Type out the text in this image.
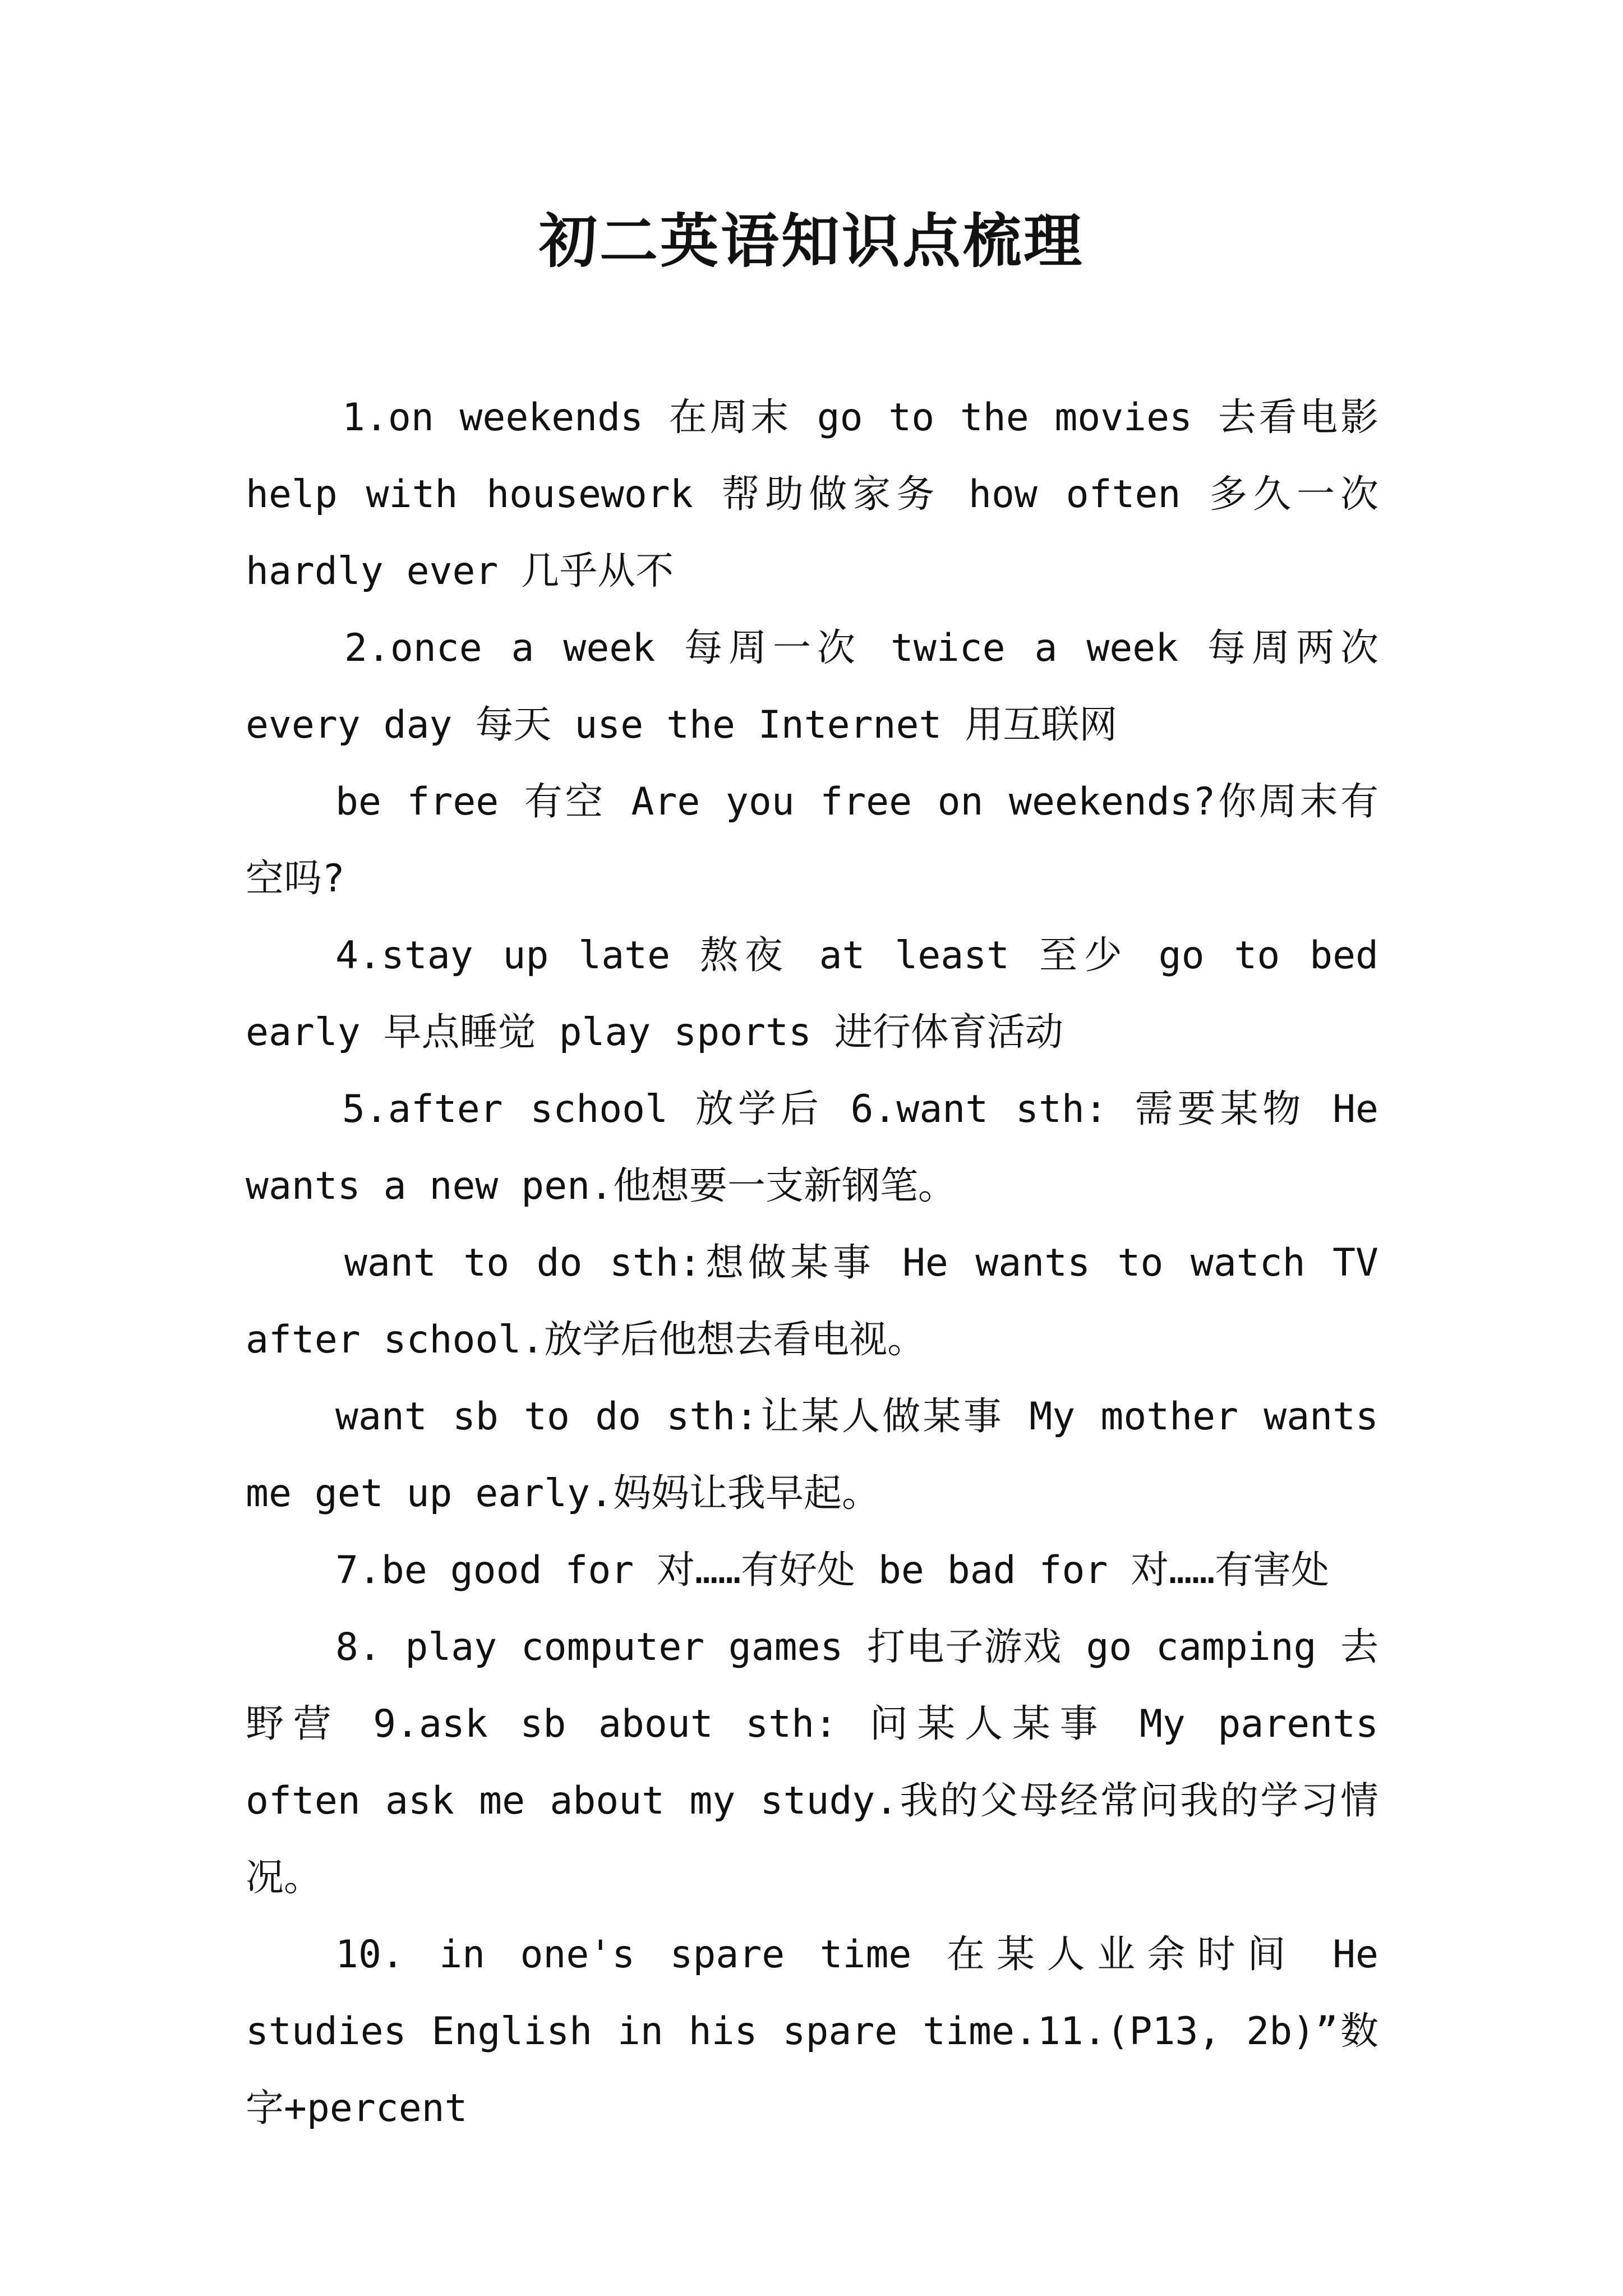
初二英语知识点梳理

1.on weekends 在周末 go to the movies 去看电影 help with housework 帮助做家务 how often 多久一次 hardly ever 几乎从不

2.once a week 每周一次 twice a week 每周两次 every day 每天 use the Internet 用互联网

be free 有空 Are you free on weekends?你周末有空吗?

4.stay up late 熬夜 at least 至少 go to bed early 早点睡觉 play sports 进行体育活动

5.after school 放学后 6.want sth: 需要某物 He wants a new pen.他想要一支新钢笔。

want to do sth:想做某事 He wants to watch TV after school.放学后他想去看电视。

want sb to do sth:让某人做某事 My mother wants me get up early.妈妈让我早起。

7.be good for 对……有好处 be bad for 对……有害处

8. play computer games 打电子游戏 go camping 去野营 9.ask sb about sth: 问某人某事 My parents often ask me about my study.我的父母经常问我的学习情况。

10. in one's spare time 在某人业余时间 He studies English in his spare time.11.(P13, 2b)”数字+percent
